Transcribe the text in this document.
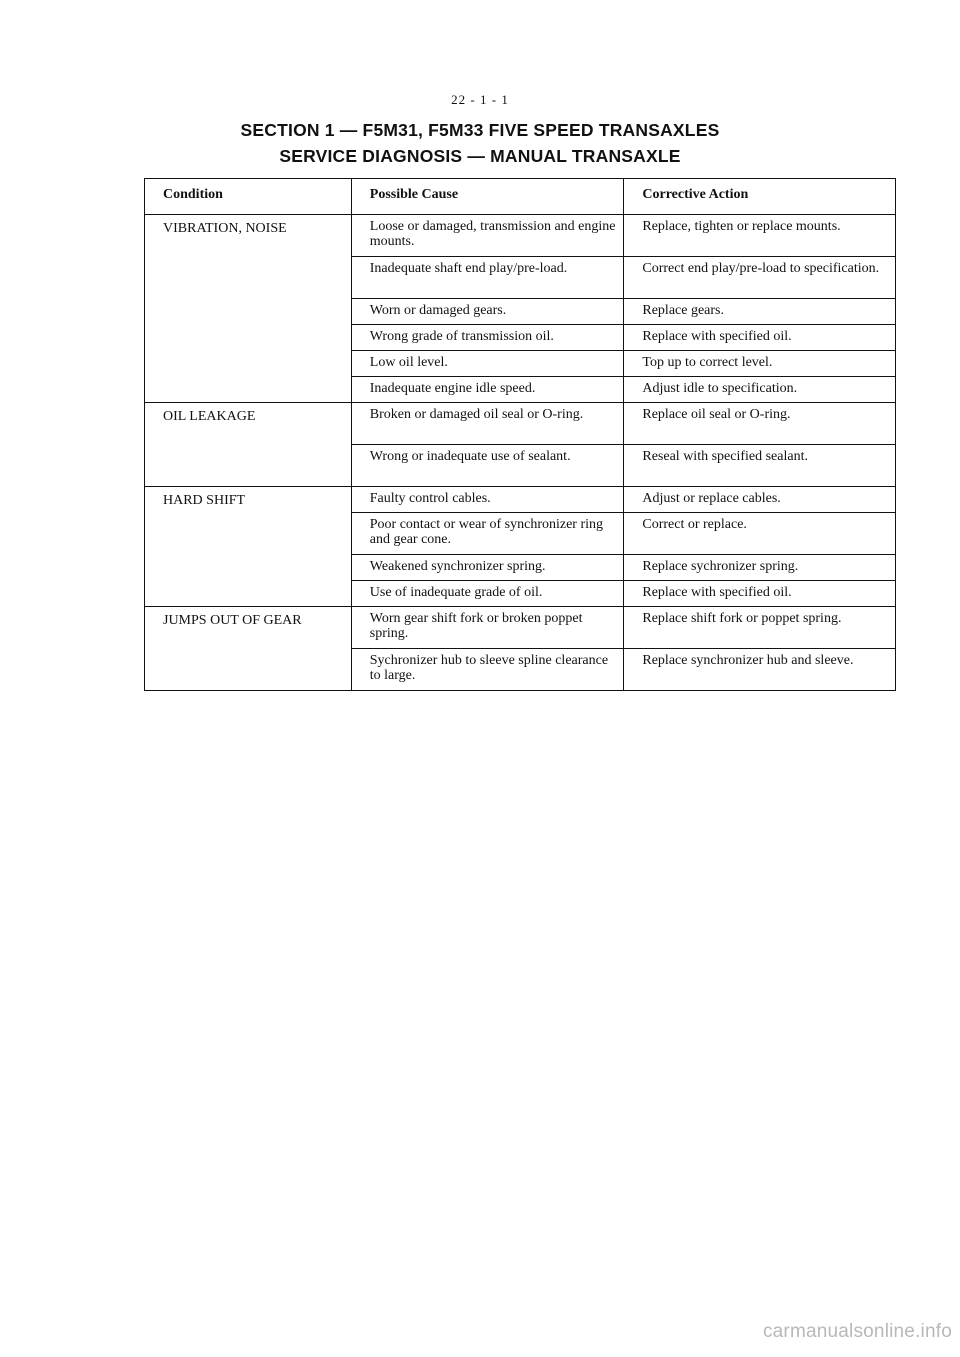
22 - 1 - 1
SECTION 1 — F5M31, F5M33 FIVE SPEED TRANSAXLES
SERVICE DIAGNOSIS — MANUAL TRANSAXLE
Condition	Possible Cause	Corrective Action
VIBRATION, NOISE	Loose or damaged, transmission and engine mounts.	Replace, tighten or replace mounts.
	Inadequate shaft end play/pre-load.	Correct end play/pre-load to specification.
	Worn or damaged gears.	Replace gears.
	Wrong grade of transmission oil.	Replace with specified oil.
	Low oil level.	Top up to correct level.
	Inadequate engine idle speed.	Adjust idle to specification.
OIL LEAKAGE	Broken or damaged oil seal or O-ring.	Replace oil seal or O-ring.
	Wrong or inadequate use of sealant.	Reseal with specified sealant.
HARD SHIFT	Faulty control cables.	Adjust or replace cables.
	Poor contact or wear of synchronizer ring and gear cone.	Correct or replace.
	Weakened synchronizer spring.	Replace sychronizer spring.
	Use of inadequate grade of oil.	Replace with specified oil.
JUMPS OUT OF GEAR	Worn gear shift fork or broken poppet spring.	Replace shift fork or poppet spring.
	Sychronizer hub to sleeve spline clearance to large.	Replace synchronizer hub and sleeve.
carmanualsonline.info
